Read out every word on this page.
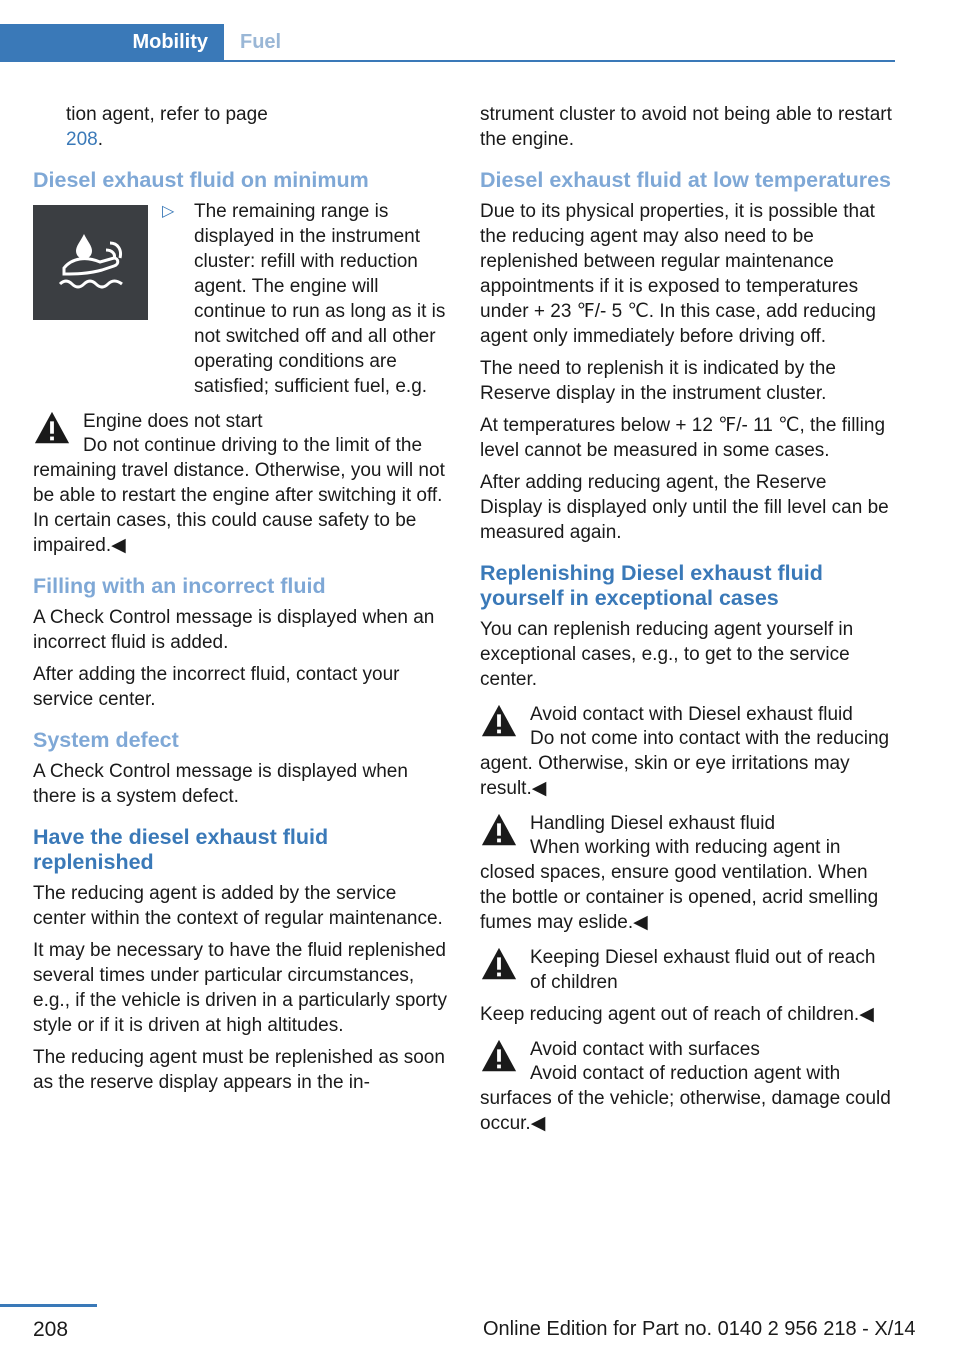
Mobility	Fuel

tion agent, refer to page
208.

Diesel exhaust fluid on minimum
▷	The remaining range is displayed in the instrument cluster: refill with reduction agent. The engine will continue to run as long as it is not switched off and all other operating conditions are satisfied; sufficient fuel, e.g.
Engine does not start
Do not continue driving to the limit of the remaining travel distance. Otherwise, you will not be able to restart the engine after switching it off. In certain cases, this could cause safety to be impaired.◀
Filling with an incorrect fluid

A Check Control message is displayed when an incorrect fluid is added.

After adding the incorrect fluid, contact your service center.

System defect

A Check Control message is displayed when there is a system defect.

Have the diesel exhaust fluid replenished

The reducing agent is added by the service center within the context of regular maintenance.

It may be necessary to have the fluid replenished several times under particular circumstances, e.g., if the vehicle is driven in a particularly sporty style or if it is driven at high altitudes.

The reducing agent must be replenished as soon as the reserve display appears in the in-

strument cluster to avoid not being able to restart the engine.

Diesel exhaust fluid at low temperatures

Due to its physical properties, it is possible that the reducing agent may also need to be replenished between regular maintenance appointments if it is exposed to temperatures under + 23 ℉/- 5 ℃. In this case, add reducing agent only immediately before driving off.

The need to replenish it is indicated by the Reserve display in the instrument cluster.

At temperatures below + 12 ℉/- 11 ℃, the filling level cannot be measured in some cases.

After adding reducing agent, the Reserve Display is displayed only until the fill level can be measured again.

Replenishing Diesel exhaust fluid yourself in exceptional cases

You can replenish reducing agent yourself in exceptional cases, e.g., to get to the service center.

Avoid contact with Diesel exhaust fluid
Do not come into contact with the reducing agent. Otherwise, skin or eye irritations may result.◀
Handling Diesel exhaust fluid
When working with reducing agent in closed spaces, ensure good ventilation. When the bottle or container is opened, acrid smelling fumes may eslide.◀
Keeping Diesel exhaust fluid out of reach of children
Keep reducing agent out of reach of children.◀
Avoid contact with surfaces
Avoid contact of reduction agent with surfaces of the vehicle; otherwise, damage could occur.◀
208	Online Edition for Part no. 0140 2 956 218 - X/14
